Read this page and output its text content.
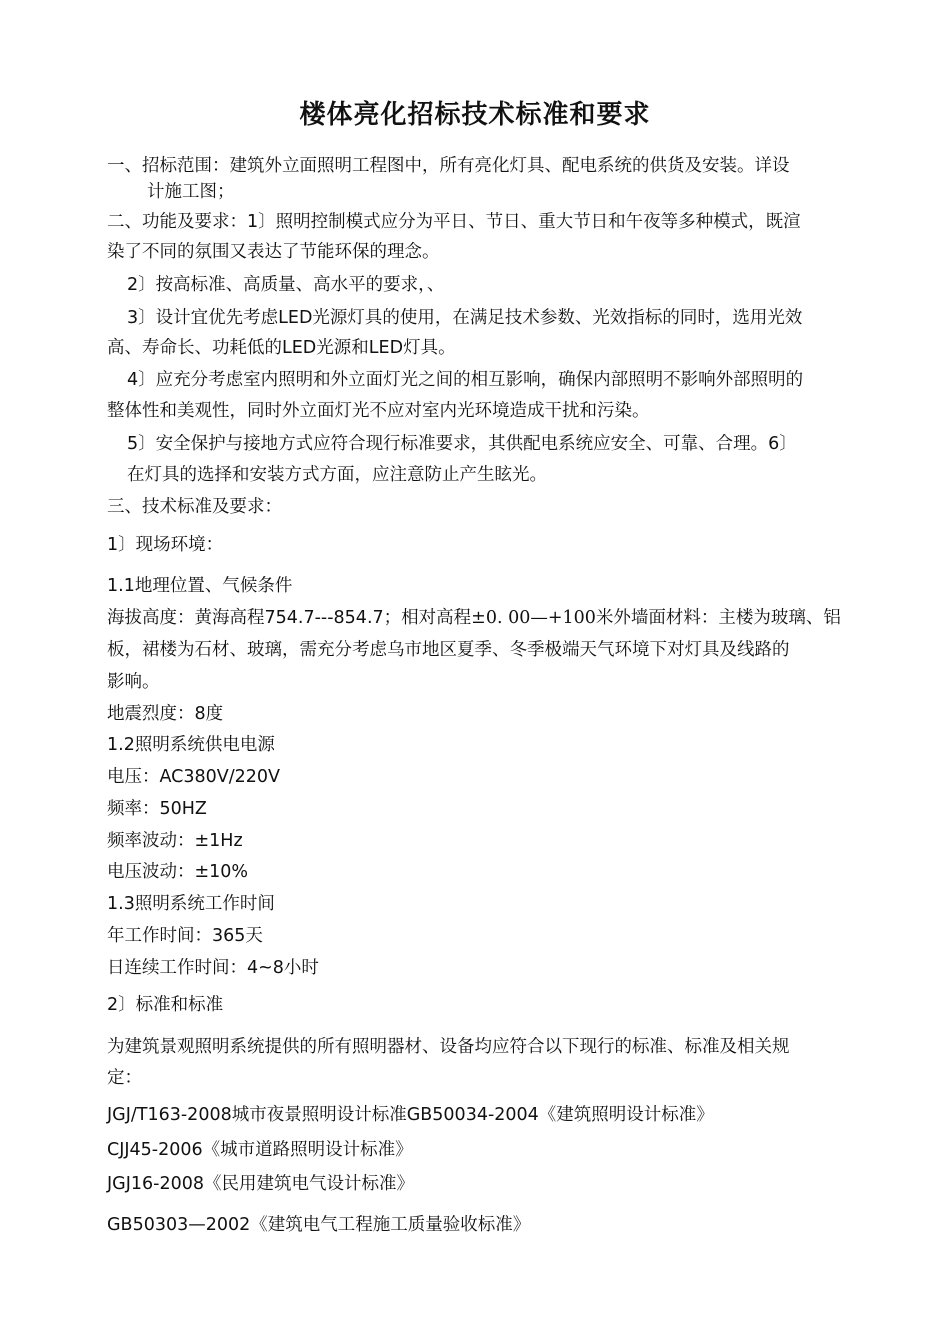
楼体亮化招标技术标准和要求
一、招标范围：建筑外立面照明工程图中，所有亮化灯具、配电系统的供货及安装。详设
计施工图；
二、功能及要求：1〕照明控制模式应分为平日、节日、重大节日和午夜等多种模式，既渲
染了不同的氛围又表达了节能环保的理念。
2〕按高标准、高质量、高水平的要求，、
3〕设计宜优先考虑LED光源灯具的使用，在满足技术参数、光效指标的同时，选用光效
高、寿命长、功耗低的LED光源和LED灯具。
4〕应充分考虑室内照明和外立面灯光之间的相互影响，确保内部照明不影响外部照明的
整体性和美观性，同时外立面灯光不应对室内光环境造成干扰和污染。
5〕安全保护与接地方式应符合现行标准要求，其供配电系统应安全、可靠、合理。6〕
在灯具的选择和安装方式方面，应注意防止产生眩光。
三、技术标准及要求：
1〕现场环境：
1.1地理位置、气候条件
海拔高度：黄海高程754.7---854.7；相对高程±0. 00—+100米外墙面材料：主楼为玻璃、铝
板，裙楼为石材、玻璃，需充分考虑乌市地区夏季、冬季极端天气环境下对灯具及线路的
影响。
地震烈度：8度
1.2照明系统供电电源
电压：AC380V/220V
频率：50HZ
频率波动：±1Hz
电压波动：±10%
1.3照明系统工作时间
年工作时间：365天
日连续工作时间：4~8小时
2〕标准和标准
为建筑景观照明系统提供的所有照明器材、设备均应符合以下现行的标准、标准及相关规
定：
JGJ/T163-2008城市夜景照明设计标准GB50034-2004《建筑照明设计标准》
CJJ45-2006《城市道路照明设计标准》
JGJ16-2008《民用建筑电气设计标准》
GB50303—2002《建筑电气工程施工质量验收标准》
